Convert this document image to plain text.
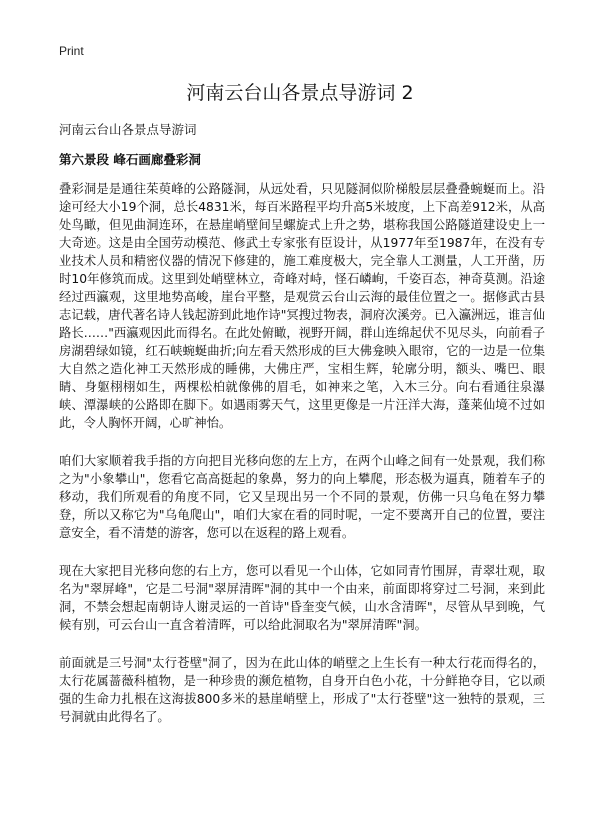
Print
河南云台山各景点导游词 2
河南云台山各景点导游词
第六景段 峰石画廊叠彩洞

叠彩洞是是通往茱萸峰的公路隧洞，从远处看，只见隧洞似阶梯般层层叠叠蜿蜒而上。沿途可经大小19个洞，总长4831米，每百米路程平均升高5米坡度，上下高差912米，从高处鸟瞰，但见曲洞连环，在悬崖峭壁间呈螺旋式上升之势，堪称我国公路隧道建设史上一大奇迹。这是由全国劳动模范、修武土专家张有臣设计，从1977年至1987年，在没有专业技术人员和精密仪器的情况下修建的，施工难度极大，完全靠人工测量，人工开凿，历时10年修筑而成。这里到处峭壁林立，奇峰对峙，怪石嶙峋，千姿百态，神奇莫测。沿途经过西瀛观，这里地势高峻，崖台平整，是观赏云台山云海的最佳位置之一。据修武古县志记载，唐代著名诗人钱起游到此地作诗"冥搜过物表，洞府次溪旁。已入瀛洲远，谁言仙路长……"西瀛观因此而得名。在此处俯瞰，视野开阔，群山连绵起伏不见尽头，向前看子房湖碧绿如镜，红石峡蜿蜒曲折;向左看天然形成的巨大佛龛映入眼帘，它的一边是一位集大自然之造化神工天然形成的睡佛，大佛庄严，宝相生辉，轮廓分明，额头、嘴巴、眼睛、身躯栩栩如生，两棵松柏就像佛的眉毛，如神来之笔，入木三分。向右看通往泉瀑峡、潭瀑峡的公路即在脚下。如遇雨雾天气，这里更像是一片汪洋大海，蓬莱仙境不过如此，令人胸怀开阔，心旷神怡。

咱们大家顺着我手指的方向把目光移向您的左上方，在两个山峰之间有一处景观，我们称之为"小象攀山"，您看它高高挺起的象鼻，努力的向上攀爬，形态极为逼真，随着车子的移动，我们所观看的角度不同，它又呈现出另一个不同的景观，仿佛一只乌龟在努力攀登，所以又称它为"乌龟爬山"，咱们大家在看的同时呢，一定不要离开自己的位置，要注意安全，看不清楚的游客，您可以在返程的路上观看。

现在大家把目光移向您的右上方，您可以看见一个山体，它如同青竹围屏，青翠壮观，取名为"翠屏峰"，它是二号洞"翠屏清晖"洞的其中一个由来，前面即将穿过二号洞，来到此洞，不禁会想起南朝诗人谢灵运的一首诗"昏奎变气候，山水含清晖"，尽管从早到晚，气候有别，可云台山一直含着清晖，可以给此洞取名为"翠屏清晖"洞。

前面就是三号洞"太行苍壁"洞了，因为在此山体的峭壁之上生长有一种太行花而得名的，太行花属蔷薇科植物，是一种珍贵的濒危植物，自身开白色小花，十分鲜艳夺目，它以顽强的生命力扎根在这海拔800多米的悬崖峭壁上，形成了"太行苍壁"这一独特的景观，三号洞就由此得名了。
